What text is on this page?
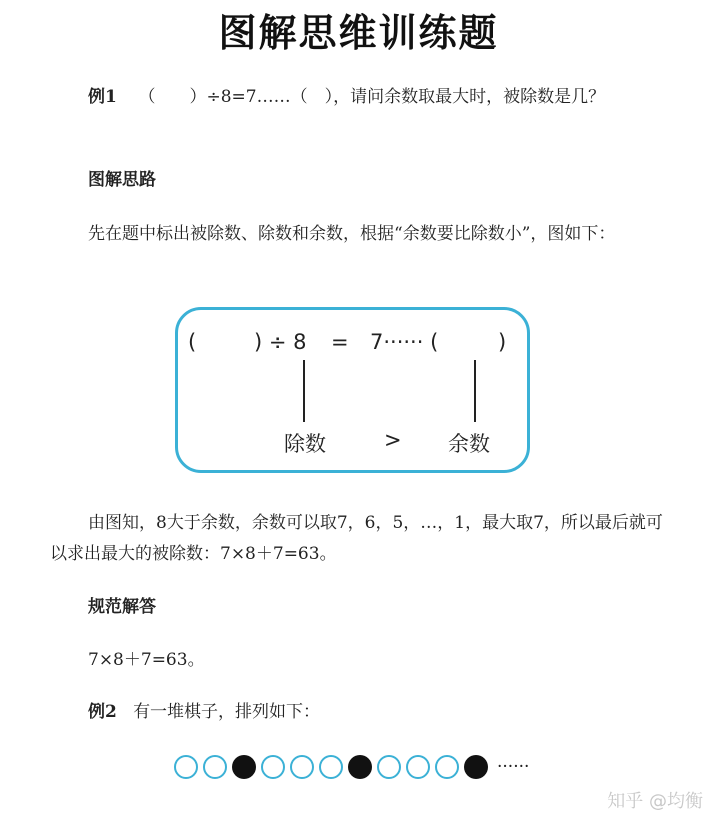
图解思维训练题
例1 （　　）÷8=7……（　），请问余数取最大时，被除数是几？
图解思路
先在题中标出被除数、除数和余数，根据“余数要比除数小”，图如下：
(	) ÷ 8 = 7······ (	)
除数	> 余数
由图知，8大于余数，余数可以取7，6，5，…，1，最大取7，所以最后就可以求出最大的被除数：7×8＋7=63。
规范解答
7×8＋7=63。
例2 有一堆棋子，排列如下：
······
知乎 @均衡
